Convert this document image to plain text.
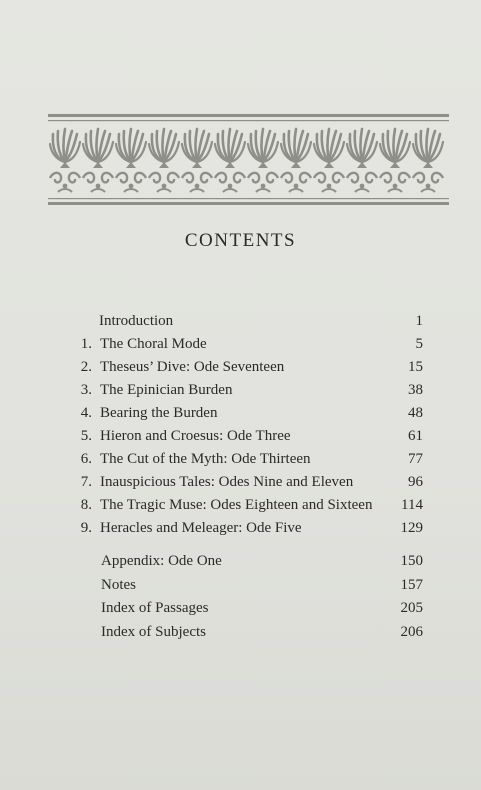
CONTENTS
Introduction	1
1. The Choral Mode	5
2. Theseus’ Dive: Ode Seventeen	15
3. The Epinician Burden	38
4. Bearing the Burden	48
5. Hieron and Croesus: Ode Three	61
6. The Cut of the Myth: Ode Thirteen	77
7. Inauspicious Tales: Odes Nine and Eleven	96
8. The Tragic Muse: Odes Eighteen and Sixteen	114
9. Heracles and Meleager: Ode Five	129
Appendix: Ode One	150
Notes	157
Index of Passages	205
Index of Subjects	206
